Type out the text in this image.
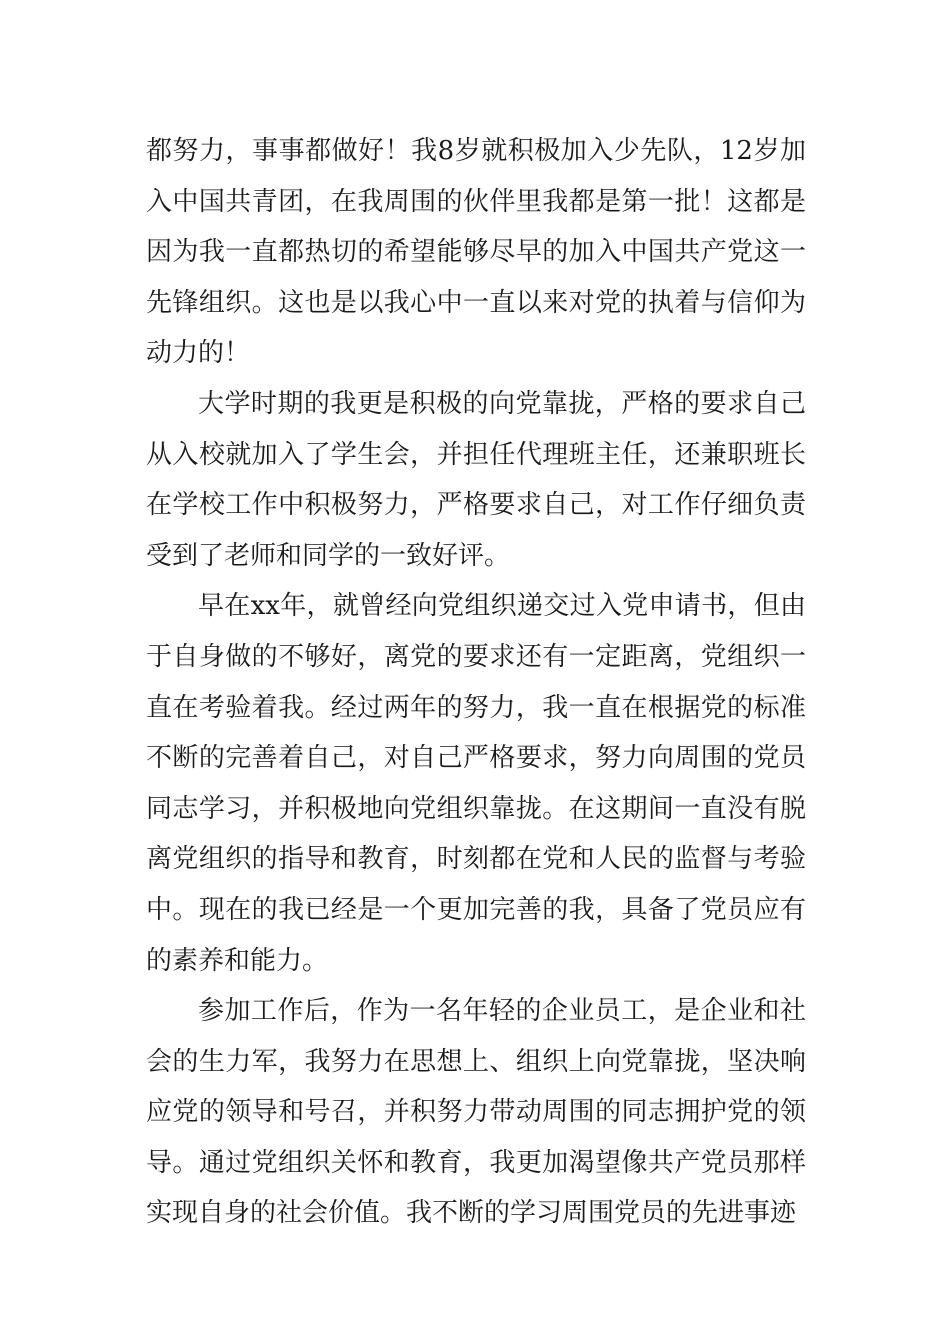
都努力，事事都做好！我8岁就积极加入少先队，12岁加入中国共青团，在我周围的伙伴里我都是第一批！这都是因为我一直都热切的希望能够尽早的加入中国共产党这一先锋组织。这也是以我心中一直以来对党的执着与信仰为动力的！

大学时期的我更是积极的向党靠拢，严格的要求自己从入校就加入了学生会，并担任代理班主任，还兼职班长在学校工作中积极努力，严格要求自己，对工作仔细负责受到了老师和同学的一致好评。

早在xx年，就曾经向党组织递交过入党申请书，但由于自身做的不够好，离党的要求还有一定距离，党组织一直在考验着我。经过两年的努力，我一直在根据党的标准不断的完善着自己，对自己严格要求，努力向周围的党员同志学习，并积极地向党组织靠拢。在这期间一直没有脱离党组织的指导和教育，时刻都在党和人民的监督与考验中。现在的我已经是一个更加完善的我，具备了党员应有的素养和能力。

参加工作后，作为一名年轻的企业员工，是企业和社会的生力军，我努力在思想上、组织上向党靠拢，坚决响应党的领导和号召，并积努力带动周围的同志拥护党的领导。通过党组织关怀和教育，我更加渴望像共产党员那样实现自身的社会价值。我不断的学习周围党员的先进事迹
